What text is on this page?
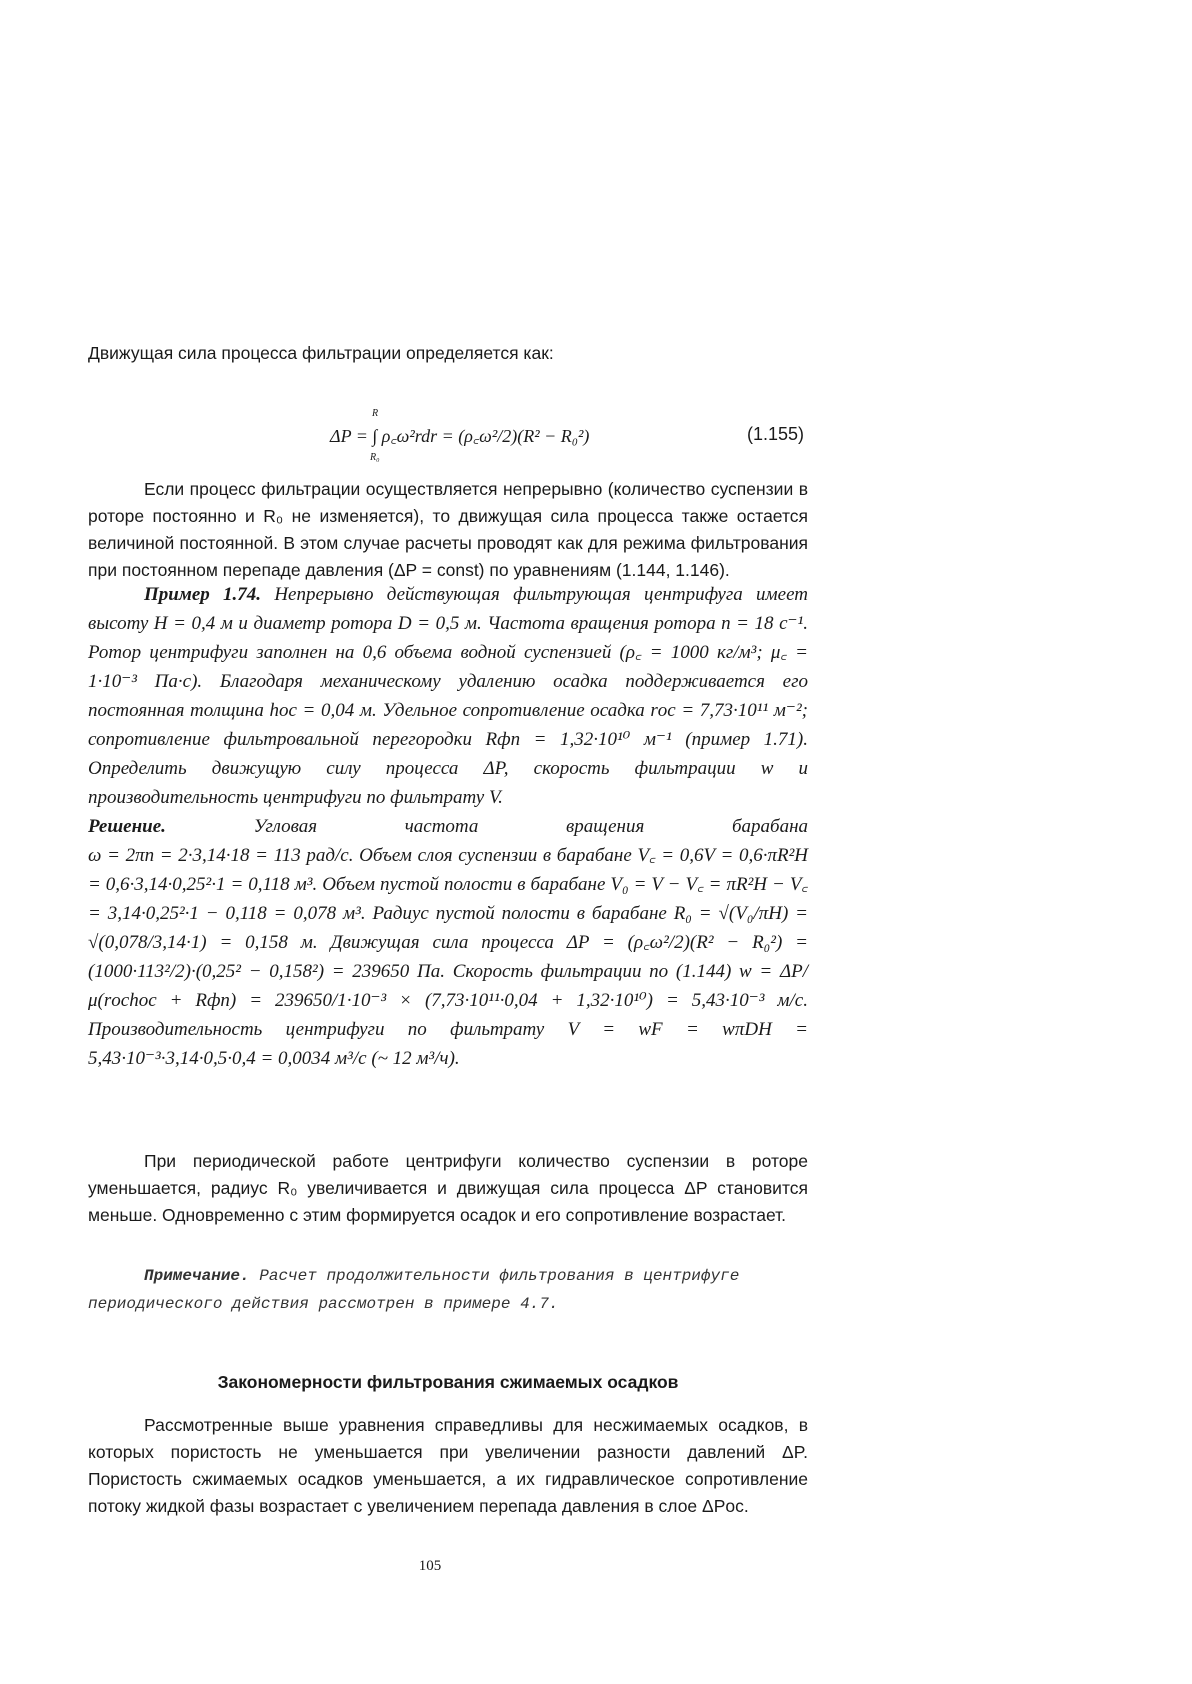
Движущая сила процесса фильтрации определяется как:

R
R₀
ΔP = ∫ ρ꜀ω²rdr = (ρ꜀ω²/2)(R² − R₀²)	(1.155)

Если процесс фильтрации осуществляется непрерывно (количество суспензии в роторе постоянно и R₀ не изменяется), то движущая сила процесса также остается величиной постоянной. В этом случае расчеты проводят как для режима фильтрования при постоянном перепаде давления (ΔP = const) по уравнениям (1.144, 1.146).

Пример 1.74. Непрерывно действующая фильтрующая центрифуга имеет высоту H = 0,4 м и диаметр ротора D = 0,5 м. Частота вращения ротора n = 18 с⁻¹. Ротор центрифуги заполнен на 0,6 объема водной суспензией (ρ꜀ = 1000 кг/м³; μ꜀ = 1·10⁻³ Па·с). Благодаря механическому удалению осадка поддерживается его постоянная толщина hос = 0,04 м. Удельное сопротивление осадка rос = 7,73·10¹¹ м⁻²; сопротивление фильтровальной перегородки Rфп = 1,32·10¹⁰ м⁻¹ (пример 1.71). Определить движущую силу процесса ΔP, скорость фильтрации w и производительность центрифуги по фильтрату V.

Решение.	Угловая	частота	вращения	барабана

ω = 2πn = 2·3,14·18 = 113 рад/с. Объем слоя суспензии в барабане V꜀ = 0,6V = 0,6·πR²H = 0,6·3,14·0,25²·1 = 0,118 м³. Объем пустой полости в барабане V₀ = V − V꜀ = πR²H − V꜀ = 3,14·0,25²·1 − 0,118 = 0,078 м³. Радиус пустой полости в барабане R₀ = √(V₀/πH) = √(0,078/3,14·1) = 0,158 м. Движущая сила процесса ΔP = (ρ꜀ω²/2)(R² − R₀²) = (1000·113²/2)·(0,25² − 0,158²) = 239650 Па. Скорость фильтрации по (1.144) w = ΔP/μ(rосhос + Rфп) = 239650/1·10⁻³ × (7,73·10¹¹·0,04 + 1,32·10¹⁰) = 5,43·10⁻³ м/с. Производительность центрифуги по фильтрату V = wF = wπDH = 5,43·10⁻³·3,14·0,5·0,4 = 0,0034 м³/с (~ 12 м³/ч).

При периодической работе центрифуги количество суспензии в роторе уменьшается, радиус R₀ увеличивается и движущая сила процесса ΔP становится меньше. Одновременно с этим формируется осадок и его сопротивление возрастает.

Примечание. Расчет продолжительности фильтрования в центрифуге периодического действия рассмотрен в примере 4.7.

Закономерности фильтрования сжимаемых осадков

Рассмотренные выше уравнения справедливы для несжимаемых осадков, в которых пористость не уменьшается при увеличении разности давлений ΔP. Пористость сжимаемых осадков уменьшается, а их гидравлическое сопротивление потоку жидкой фазы возрастает с увеличением перепада давления в слое ΔPос.

105
